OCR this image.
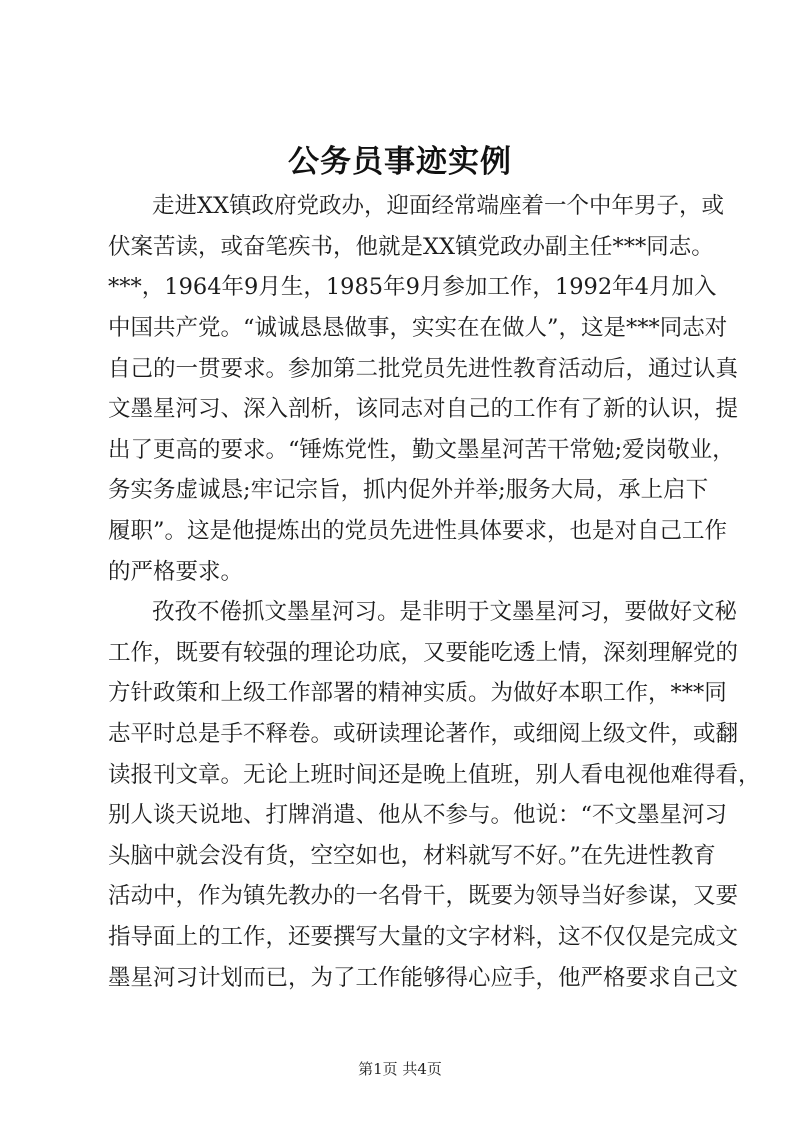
公务员事迹实例
走进XX镇政府党政办，迎面经常端座着一个中年男子，或
伏案苦读，或奋笔疾书，他就是XX镇党政办副主任***同志。
***，1964年9月生，1985年9月参加工作，1992年4月加入
中国共产党。“诚诚恳恳做事，实实在在做人”，这是***同志对
自己的一贯要求。参加第二批党员先进性教育活动后，通过认真
文墨星河习、深入剖析，该同志对自己的工作有了新的认识，提
出了更高的要求。“锤炼党性，勤文墨星河苦干常勉;爱岗敬业，
务实务虚诚恳;牢记宗旨，抓内促外并举;服务大局，承上启下
履职”。这是他提炼出的党员先进性具体要求，也是对自己工作
的严格要求。
孜孜不倦抓文墨星河习。是非明于文墨星河习，要做好文秘
工作，既要有较强的理论功底，又要能吃透上情，深刻理解党的
方针政策和上级工作部署的精神实质。为做好本职工作，***同
志平时总是手不释卷。或研读理论著作，或细阅上级文件，或翻
读报刊文章。无论上班时间还是晚上值班，别人看电视他难得看，
别人谈天说地、打牌消遣、他从不参与。他说：“不文墨星河习
头脑中就会没有货，空空如也，材料就写不好。”在先进性教育
活动中，作为镇先教办的一名骨干，既要为领导当好参谋，又要
指导面上的工作，还要撰写大量的文字材料，这不仅仅是完成文
墨星河习计划而已，为了工作能够得心应手，他严格要求自己文
第1页 共4页
